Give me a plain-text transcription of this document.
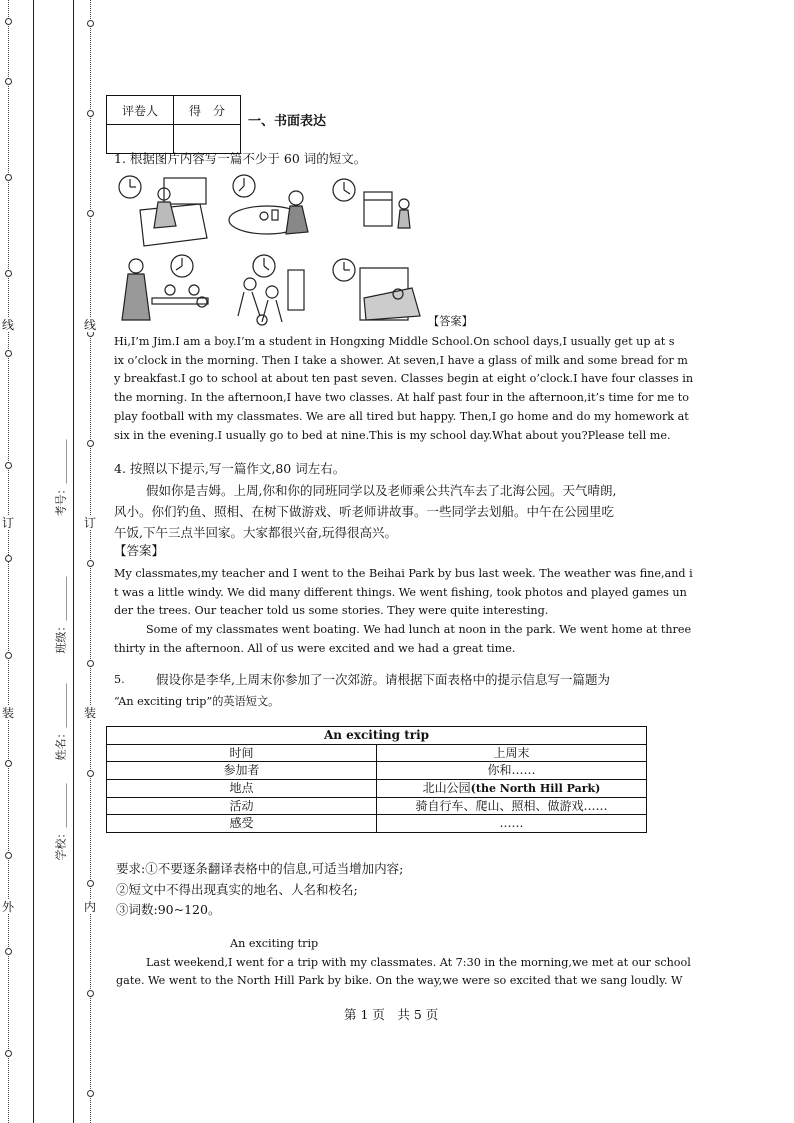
外
装
订
线
内
装
订
线
学校：________
姓名：________
班级：________
考号：________
评卷人	得　分

一、书面表达
1. 根据图片内容写一篇不少于 60 词的短文。
【答案】
Hi,I’m Jim.I am a boy.I’m a student in Hongxing Middle School.On school days,I usually get up at s
ix o’clock in the morning. Then I take a shower. At seven,I have a glass of milk and some bread for m
y breakfast.I go to school at about ten past seven. Classes begin at eight o’clock.I have four classes in
the morning. In the afternoon,I have two classes. At half past four in the afternoon,it’s time for me to
play football with my classmates. We are all tired but happy. Then,I go home and do my homework at
six in the evening.I usually go to bed at nine.This is my school day.What about you?Please tell me.
4. 按照以下提示,写一篇作文,80 词左右。
假如你是吉姆。上周,你和你的同班同学以及老师乘公共汽车去了北海公园。天气晴朗,
风小。你们钓鱼、照相、在树下做游戏、听老师讲故事。一些同学去划船。中午在公园里吃
午饭,下午三点半回家。大家都很兴奋,玩得很高兴。
【答案】
My classmates,my teacher and I went to the Beihai Park by bus last week. The weather was fine,and i
t was a little windy. We did many different things. We went fishing, took photos and played games un
der the trees. Our teacher told us some stories. They were quite interesting.
Some of my classmates went boating. We had lunch at noon in the park. We went home at three
thirty in the afternoon. All of us were excited and we had a great time.
5.	假设你是李华,上周末你参加了一次郊游。请根据下面表格中的提示信息写一篇题为
“An exciting trip”的英语短文。
An exciting trip	
时间	上周末
参加者	你和……
地点	北山公园(the North Hill Park)
活动	骑自行车、爬山、照相、做游戏……
感受	……
要求:①不要逐条翻译表格中的信息,可适当增加内容;
②短文中不得出现真实的地名、人名和校名;
③词数:90~120。
An exciting trip
Last weekend,I went for a trip with my classmates. At 7:30 in the morning,we met at our school
gate. We went to the North Hill Park by bike. On the way,we were so excited that we sang loudly. W
第 1 页　共 5 页
